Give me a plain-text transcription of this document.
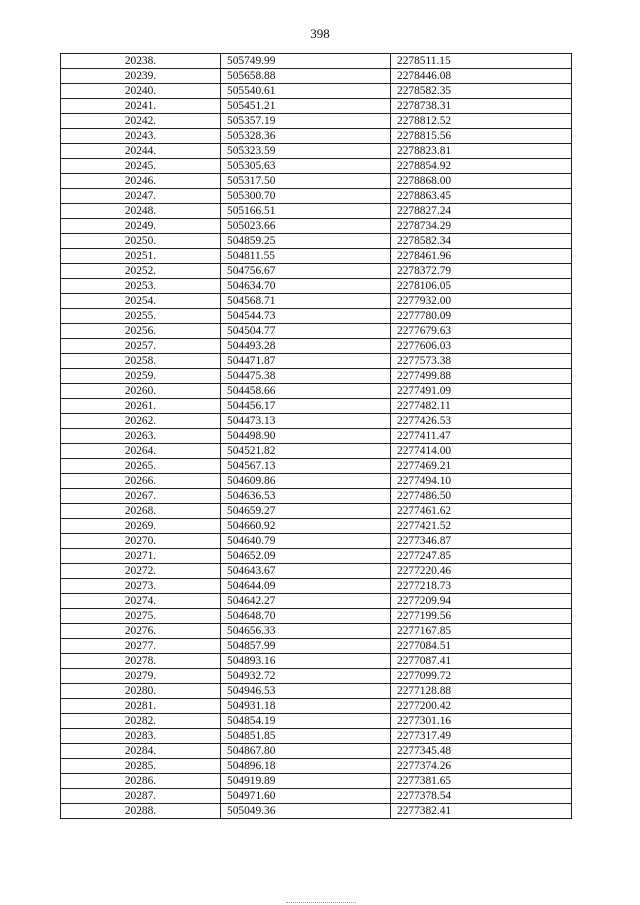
398
20238.	505749.99	2278511.15
20239.	505658.88	2278446.08
20240.	505540.61	2278582.35
20241.	505451.21	2278738.31
20242.	505357.19	2278812.52
20243.	505328.36	2278815.56
20244.	505323.59	2278823.81
20245.	505305.63	2278854.92
20246.	505317.50	2278868.00
20247.	505300.70	2278863.45
20248.	505166.51	2278827.24
20249.	505023.66	2278734.29
20250.	504859.25	2278582.34
20251.	504811.55	2278461.96
20252.	504756.67	2278372.79
20253.	504634.70	2278106.05
20254.	504568.71	2277932.00
20255.	504544.73	2277780.09
20256.	504504.77	2277679.63
20257.	504493.28	2277606.03
20258.	504471.87	2277573.38
20259.	504475.38	2277499.88
20260.	504458.66	2277491.09
20261.	504456.17	2277482.11
20262.	504473.13	2277426.53
20263.	504498.90	2277411.47
20264.	504521.82	2277414.00
20265.	504567.13	2277469.21
20266.	504609.86	2277494.10
20267.	504636.53	2277486.50
20268.	504659.27	2277461.62
20269.	504660.92	2277421.52
20270.	504640.79	2277346.87
20271.	504652.09	2277247.85
20272.	504643.67	2277220.46
20273.	504644.09	2277218.73
20274.	504642.27	2277209.94
20275.	504648.70	2277199.56
20276.	504656.33	2277167.85
20277.	504857.99	2277084.51
20278.	504893.16	2277087.41
20279.	504932.72	2277099.72
20280.	504946.53	2277128.88
20281.	504931.18	2277200.42
20282.	504854.19	2277301.16
20283.	504851.85	2277317.49
20284.	504867.80	2277345.48
20285.	504896.18	2277374.26
20286.	504919.89	2277381.65
20287.	504971.60	2277378.54
20288.	505049.36	2277382.41
